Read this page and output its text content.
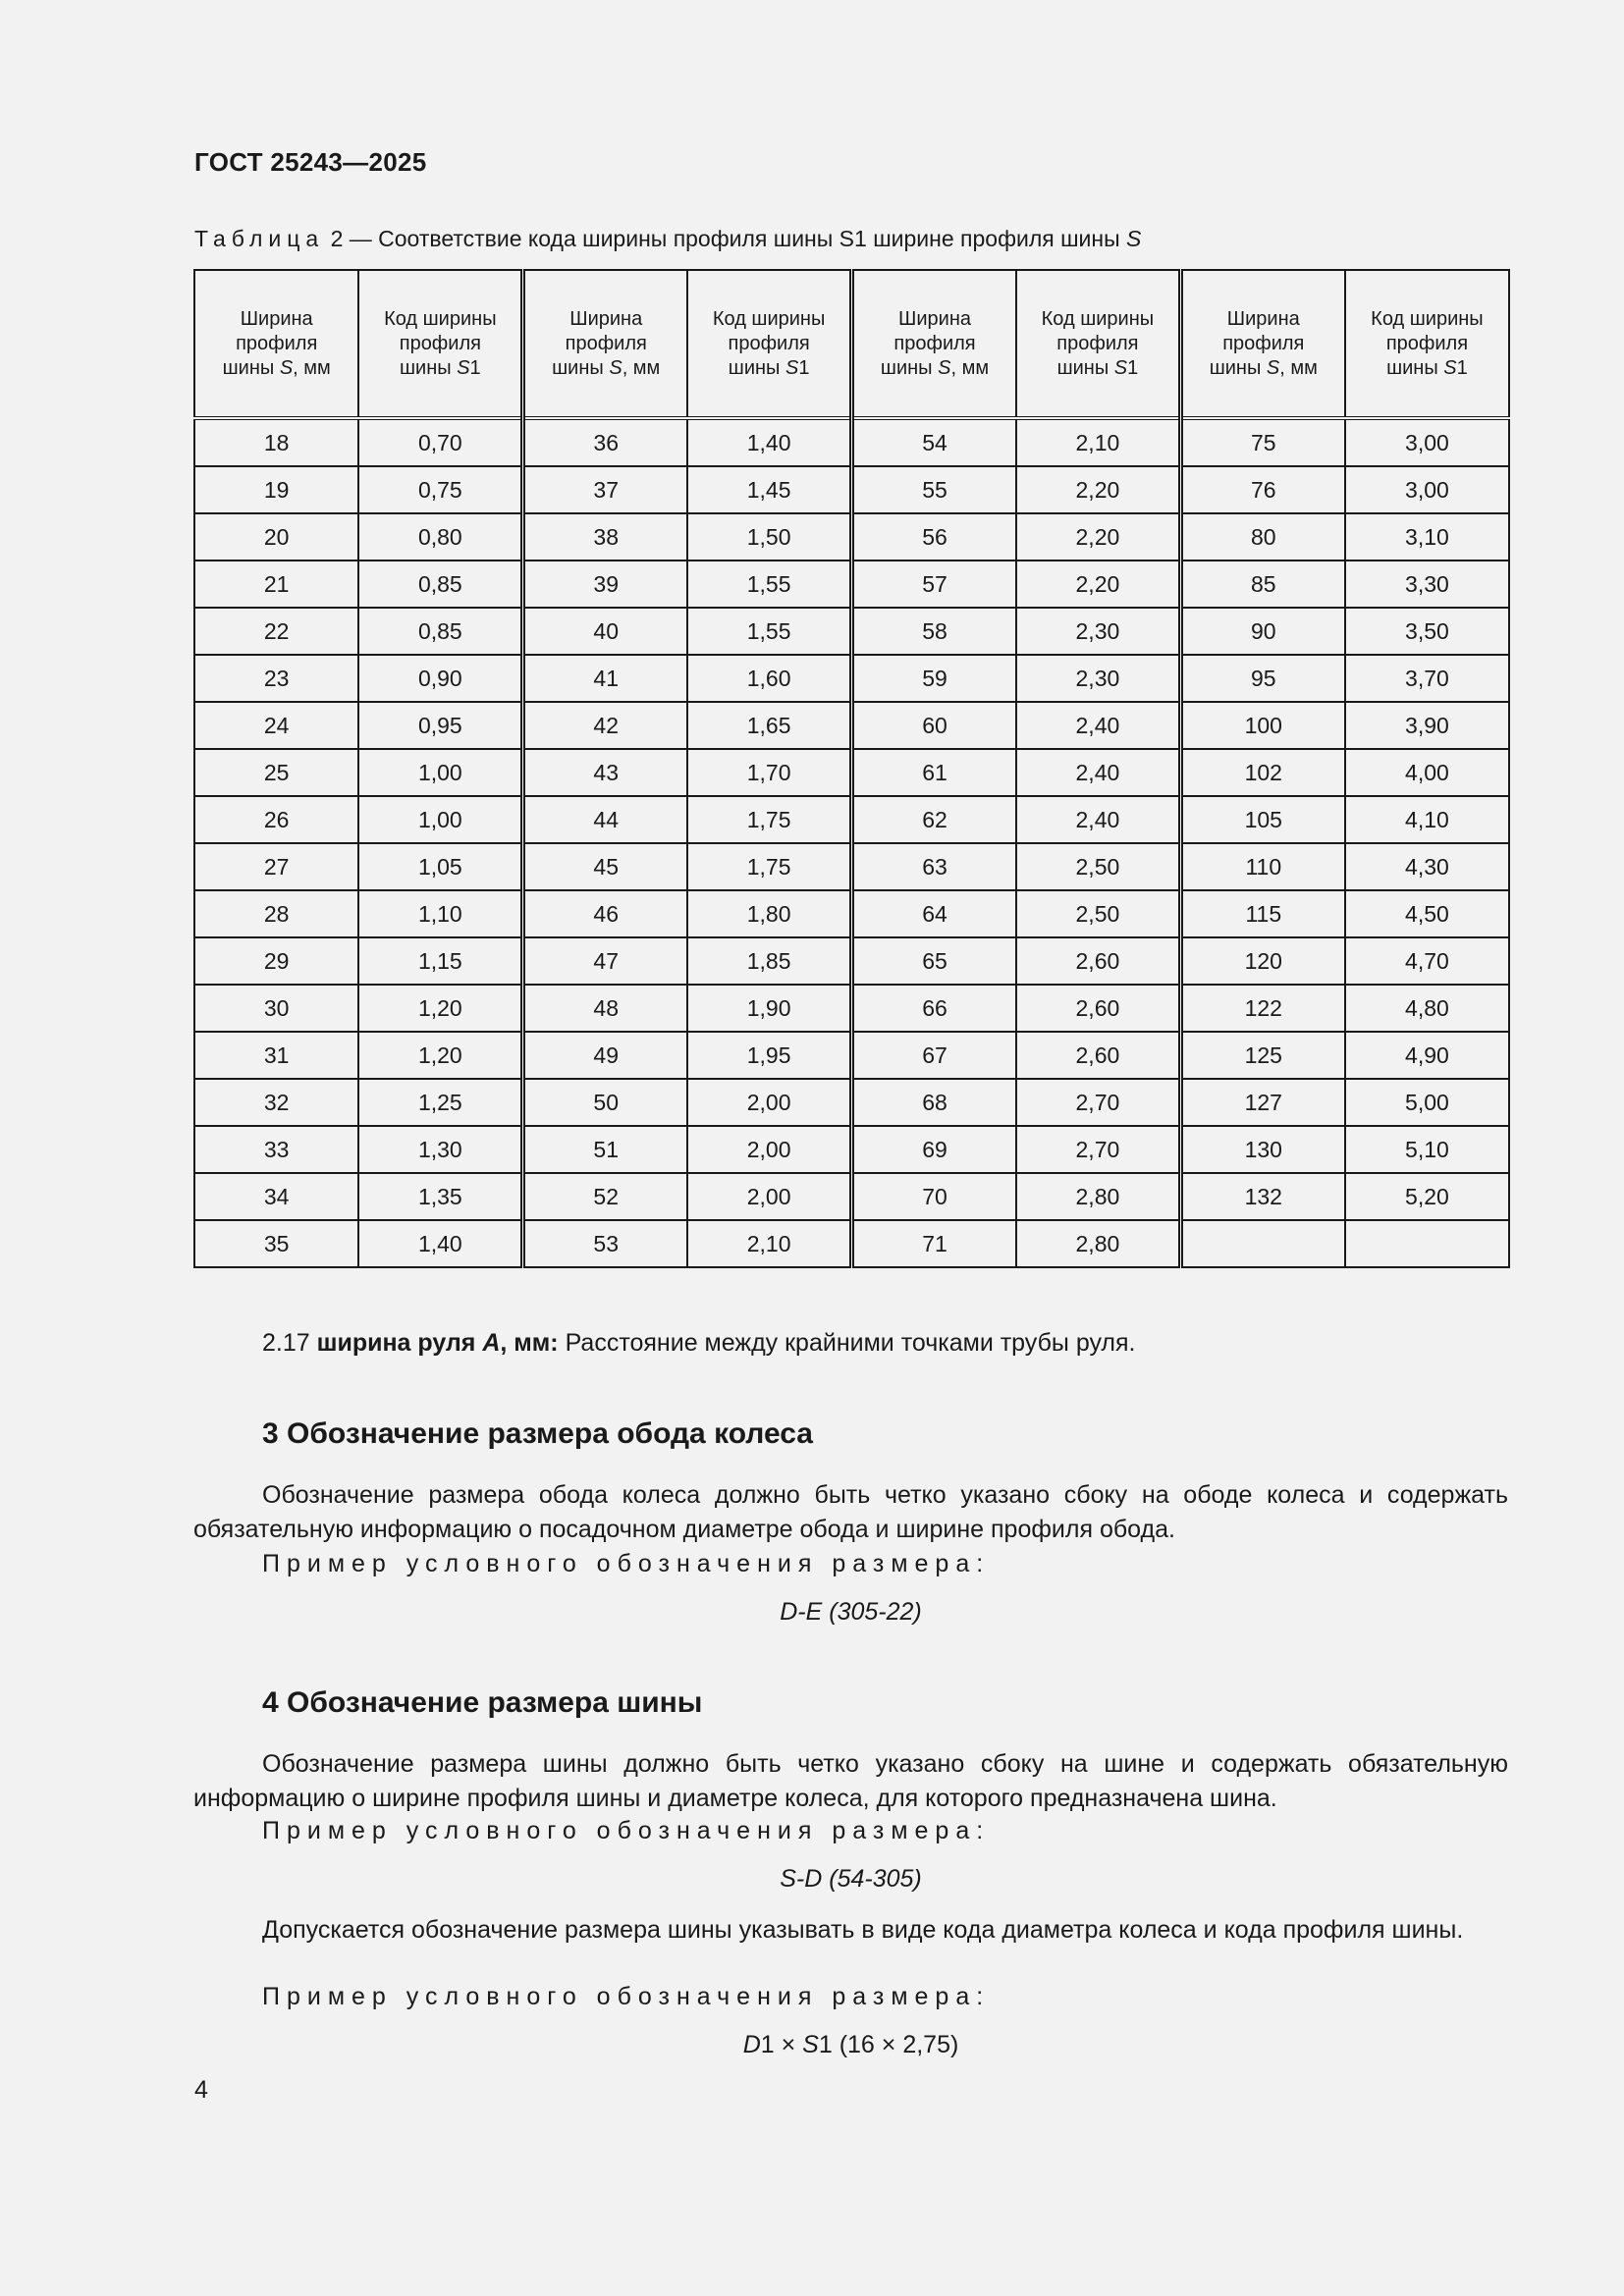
ГОСТ 25243—2025
Таблица 2 — Соответствие кода ширины профиля шины S1 ширине профиля шины S
Ширина
профиля
шины S, мм	Код ширины
профиля
шины S1	Ширина
профиля
шины S, мм	Код ширины
профиля
шины S1	Ширина
профиля
шины S, мм	Код ширины
профиля
шины S1	Ширина
профиля
шины S, мм	Код ширины
профиля
шины S1
18	0,70	36	1,40	54	2,10	75	3,00
19	0,75	37	1,45	55	2,20	76	3,00
20	0,80	38	1,50	56	2,20	80	3,10
21	0,85	39	1,55	57	2,20	85	3,30
22	0,85	40	1,55	58	2,30	90	3,50
23	0,90	41	1,60	59	2,30	95	3,70
24	0,95	42	1,65	60	2,40	100	3,90
25	1,00	43	1,70	61	2,40	102	4,00
26	1,00	44	1,75	62	2,40	105	4,10
27	1,05	45	1,75	63	2,50	110	4,30
28	1,10	46	1,80	64	2,50	115	4,50
29	1,15	47	1,85	65	2,60	120	4,70
30	1,20	48	1,90	66	2,60	122	4,80
31	1,20	49	1,95	67	2,60	125	4,90
32	1,25	50	2,00	68	2,70	127	5,00
33	1,30	51	2,00	69	2,70	130	5,10
34	1,35	52	2,00	70	2,80	132	5,20
35	1,40	53	2,10	71	2,80		
2.17 ширина руля A, мм: Расстояние между крайними точками трубы руля.
3 Обозначение размера обода колеса
Обозначение размера обода колеса должно быть четко указано сбоку на ободе колеса и содержать обязательную информацию о посадочном диаметре обода и ширине профиля обода.
Пример условного обозначения размера:
D-E (305-22)
4 Обозначение размера шины
Обозначение размера шины должно быть четко указано сбоку на шине и содержать обязательную информацию о ширине профиля шины и диаметре колеса, для которого предназначена шина.
Пример условного обозначения размера:
S-D (54-305)
Допускается обозначение размера шины указывать в виде кода диаметра колеса и кода профиля шины.
Пример условного обозначения размера:
D1 × S1 (16 × 2,75)
4
